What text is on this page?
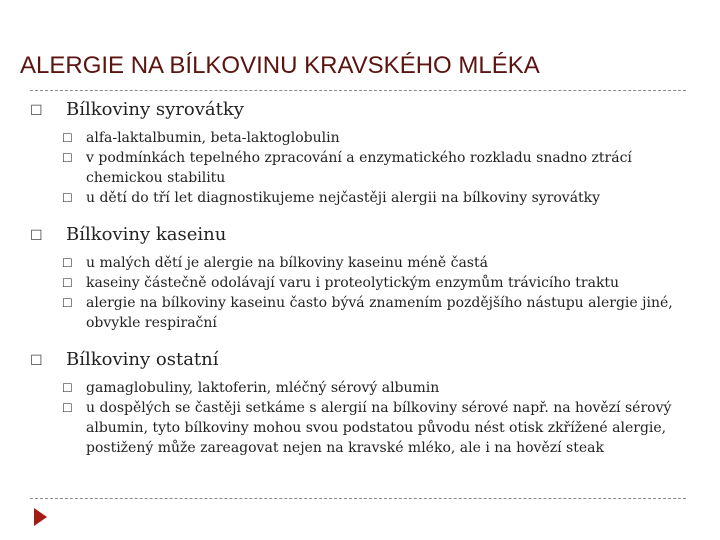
ALERGIE NA BÍLKOVINU KRAVSKÉHO MLÉKA
☐	Bílkoviny syrovátky
☐ alfa-laktalbumin, beta-laktoglobulin
☐ v podmínkách tepelného zpracování a enzymatického rozkladu snadno ztrácí chemickou stabilitu
☐ u dětí do tří let diagnostikujeme nejčastěji alergii na bílkoviny syrovátky
☐	Bílkoviny kaseinu
☐ u malých dětí je alergie na bílkoviny kaseinu méně častá
☐ kaseiny částečně odolávají varu i proteolytickým enzymům trávicího traktu
☐ alergie na bílkoviny kaseinu často bývá znamením pozdějšího nástupu alergie jiné, obvykle respirační
☐	Bílkoviny ostatní
☐ gamaglobuliny, laktoferin, mléčný sérový albumin
☐ u dospělých se častěji setkáme s alergií na bílkoviny sérové např. na hovězí sérový albumin, tyto bílkoviny mohou svou podstatou původu nést otisk zkřížené alergie, postižený může zareagovat nejen na kravské mléko, ale i na hovězí steak
